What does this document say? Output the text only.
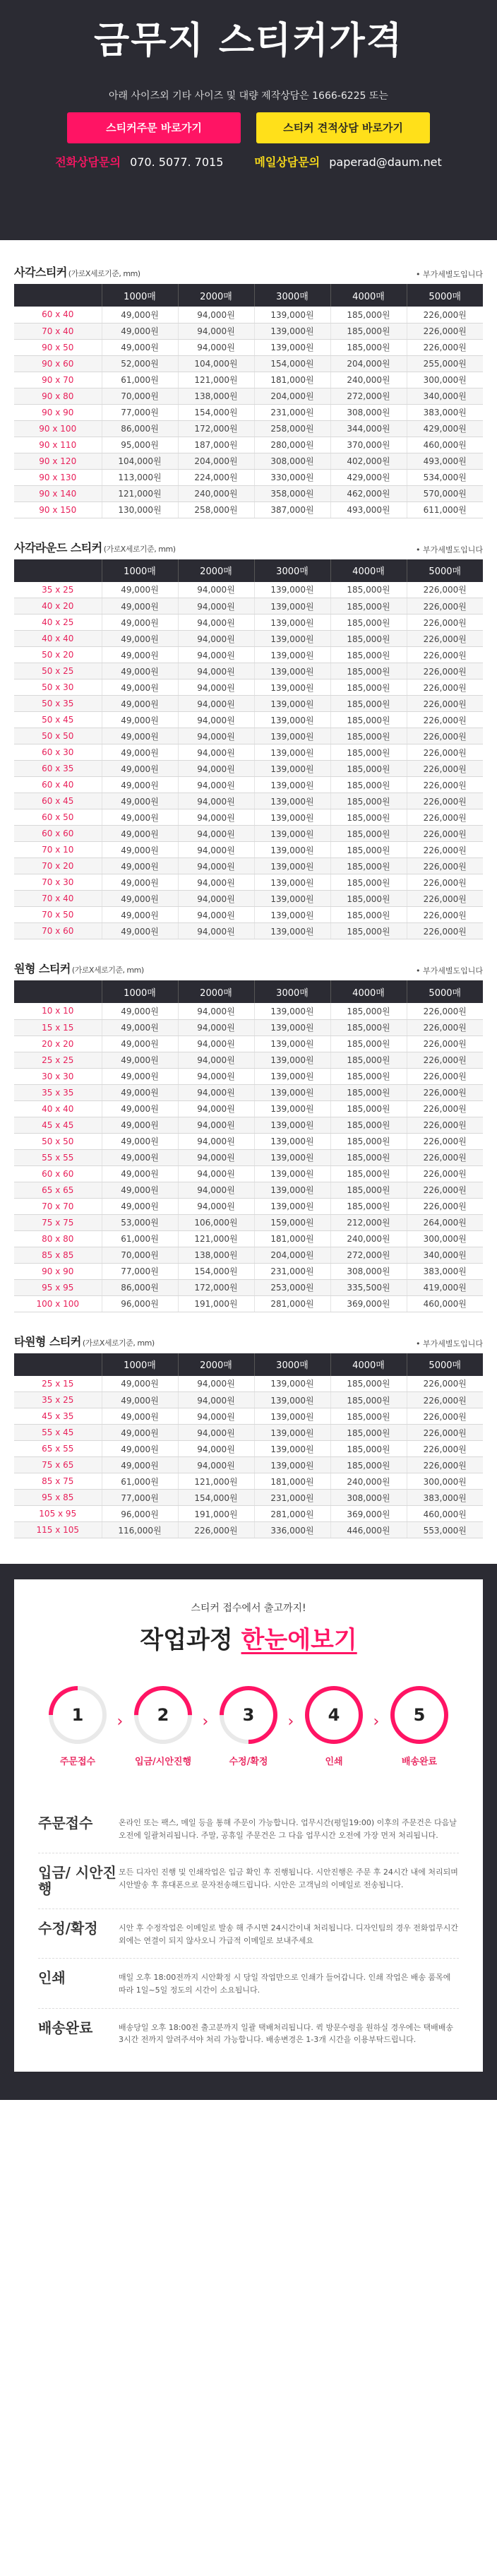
금무지 스티커가격
아래 사이즈외 기타 사이즈 및 대량 제작상담은 1666-6225 또는
스티커주문 바로가기	스티커 견적상담 바로가기
전화상담문의 070. 5077. 7015	메일상담문의 paperad@daum.net
사각스티커 (가로X세로기준, mm)	• 부가세별도입니다
	1000매	2000매	3000매	4000매	5000매
60 x 40	49,000원	94,000원	139,000원	185,000원	226,000원
70 x 40	49,000원	94,000원	139,000원	185,000원	226,000원
90 x 50	49,000원	94,000원	139,000원	185,000원	226,000원
90 x 60	52,000원	104,000원	154,000원	204,000원	255,000원
90 x 70	61,000원	121,000원	181,000원	240,000원	300,000원
90 x 80	70,000원	138,000원	204,000원	272,000원	340,000원
90 x 90	77,000원	154,000원	231,000원	308,000원	383,000원
90 x 100	86,000원	172,000원	258,000원	344,000원	429,000원
90 x 110	95,000원	187,000원	280,000원	370,000원	460,000원
90 x 120	104,000원	204,000원	308,000원	402,000원	493,000원
90 x 130	113,000원	224,000원	330,000원	429,000원	534,000원
90 x 140	121,000원	240,000원	358,000원	462,000원	570,000원
90 x 150	130,000원	258,000원	387,000원	493,000원	611,000원
사각라운드 스티커 (가로X세로기준, mm)	• 부가세별도입니다
	1000매	2000매	3000매	4000매	5000매
35 x 25	49,000원	94,000원	139,000원	185,000원	226,000원
40 x 20	49,000원	94,000원	139,000원	185,000원	226,000원
40 x 25	49,000원	94,000원	139,000원	185,000원	226,000원
40 x 40	49,000원	94,000원	139,000원	185,000원	226,000원
50 x 20	49,000원	94,000원	139,000원	185,000원	226,000원
50 x 25	49,000원	94,000원	139,000원	185,000원	226,000원
50 x 30	49,000원	94,000원	139,000원	185,000원	226,000원
50 x 35	49,000원	94,000원	139,000원	185,000원	226,000원
50 x 45	49,000원	94,000원	139,000원	185,000원	226,000원
50 x 50	49,000원	94,000원	139,000원	185,000원	226,000원
60 x 30	49,000원	94,000원	139,000원	185,000원	226,000원
60 x 35	49,000원	94,000원	139,000원	185,000원	226,000원
60 x 40	49,000원	94,000원	139,000원	185,000원	226,000원
60 x 45	49,000원	94,000원	139,000원	185,000원	226,000원
60 x 50	49,000원	94,000원	139,000원	185,000원	226,000원
60 x 60	49,000원	94,000원	139,000원	185,000원	226,000원
70 x 10	49,000원	94,000원	139,000원	185,000원	226,000원
70 x 20	49,000원	94,000원	139,000원	185,000원	226,000원
70 x 30	49,000원	94,000원	139,000원	185,000원	226,000원
70 x 40	49,000원	94,000원	139,000원	185,000원	226,000원
70 x 50	49,000원	94,000원	139,000원	185,000원	226,000원
70 x 60	49,000원	94,000원	139,000원	185,000원	226,000원
원형 스티커 (가로X세로기준, mm)	• 부가세별도입니다
	1000매	2000매	3000매	4000매	5000매
10 x 10	49,000원	94,000원	139,000원	185,000원	226,000원
15 x 15	49,000원	94,000원	139,000원	185,000원	226,000원
20 x 20	49,000원	94,000원	139,000원	185,000원	226,000원
25 x 25	49,000원	94,000원	139,000원	185,000원	226,000원
30 x 30	49,000원	94,000원	139,000원	185,000원	226,000원
35 x 35	49,000원	94,000원	139,000원	185,000원	226,000원
40 x 40	49,000원	94,000원	139,000원	185,000원	226,000원
45 x 45	49,000원	94,000원	139,000원	185,000원	226,000원
50 x 50	49,000원	94,000원	139,000원	185,000원	226,000원
55 x 55	49,000원	94,000원	139,000원	185,000원	226,000원
60 x 60	49,000원	94,000원	139,000원	185,000원	226,000원
65 x 65	49,000원	94,000원	139,000원	185,000원	226,000원
70 x 70	49,000원	94,000원	139,000원	185,000원	226,000원
75 x 75	53,000원	106,000원	159,000원	212,000원	264,000원
80 x 80	61,000원	121,000원	181,000원	240,000원	300,000원
85 x 85	70,000원	138,000원	204,000원	272,000원	340,000원
90 x 90	77,000원	154,000원	231,000원	308,000원	383,000원
95 x 95	86,000원	172,000원	253,000원	335,500원	419,000원
100 x 100	96,000원	191,000원	281,000원	369,000원	460,000원
타원형 스티커 (가로X세로기준, mm)	• 부가세별도입니다
	1000매	2000매	3000매	4000매	5000매
25 x 15	49,000원	94,000원	139,000원	185,000원	226,000원
35 x 25	49,000원	94,000원	139,000원	185,000원	226,000원
45 x 35	49,000원	94,000원	139,000원	185,000원	226,000원
55 x 45	49,000원	94,000원	139,000원	185,000원	226,000원
65 x 55	49,000원	94,000원	139,000원	185,000원	226,000원
75 x 65	49,000원	94,000원	139,000원	185,000원	226,000원
85 x 75	61,000원	121,000원	181,000원	240,000원	300,000원
95 x 85	77,000원	154,000원	231,000원	308,000원	383,000원
105 x 95	96,000원	191,000원	281,000원	369,000원	460,000원
115 x 105	116,000원	226,000원	336,000원	446,000원	553,000원
스티커 접수에서 출고까지!
작업과정 한눈에보기
1
주문접수
›	2
입금/시안진행
›	3
수정/확정
›	4
인쇄
›	5
배송완료
주문접수	온라인 또는 팩스, 메일 등을 통해 주문이 가능합니다. 업무시간(평일19:00) 이후의 주문건은 다음날 오전에 일괄처리됩니다. 주말, 공휴일 주문건은 그 다음 업무시간 오전에 가장 먼저 처리됩니다.
입금/ 시안진행
모든 디자인 진행 및 인쇄작업은 입금 확인 후 진행됩니다. 시안진행은 주문 후 24시간 내에 처리되며 시안발송 후 휴대폰으로 문자전송해드립니다. 시안은 고객님의 이메일로 전송됩니다.
수정/확정	시안 후 수정작업은 이메일로 발송 해 주시면 24시간이내 처리됩니다. 디자인팀의 경우 전화업무시간외에는 연결이 되지 않사오니 가급적 이메일로 보내주세요
인쇄	매일 오후 18:00전까지 시안확정 시 당일 작업만으로 인쇄가 들어갑니다. 인쇄 작업은 배송 품목에 따라 1일~5일 정도의 시간이 소요됩니다.
배송완료	배송당일 오후 18:00전 출고분까지 일괄 택배처리됩니다. 퀵 방문수령을 원하실 경우에는 택배배송 3시간 전까지 알려주셔야 처리 가능합니다. 배송변경은 1-3개 시간을 이용부탁드립니다.
